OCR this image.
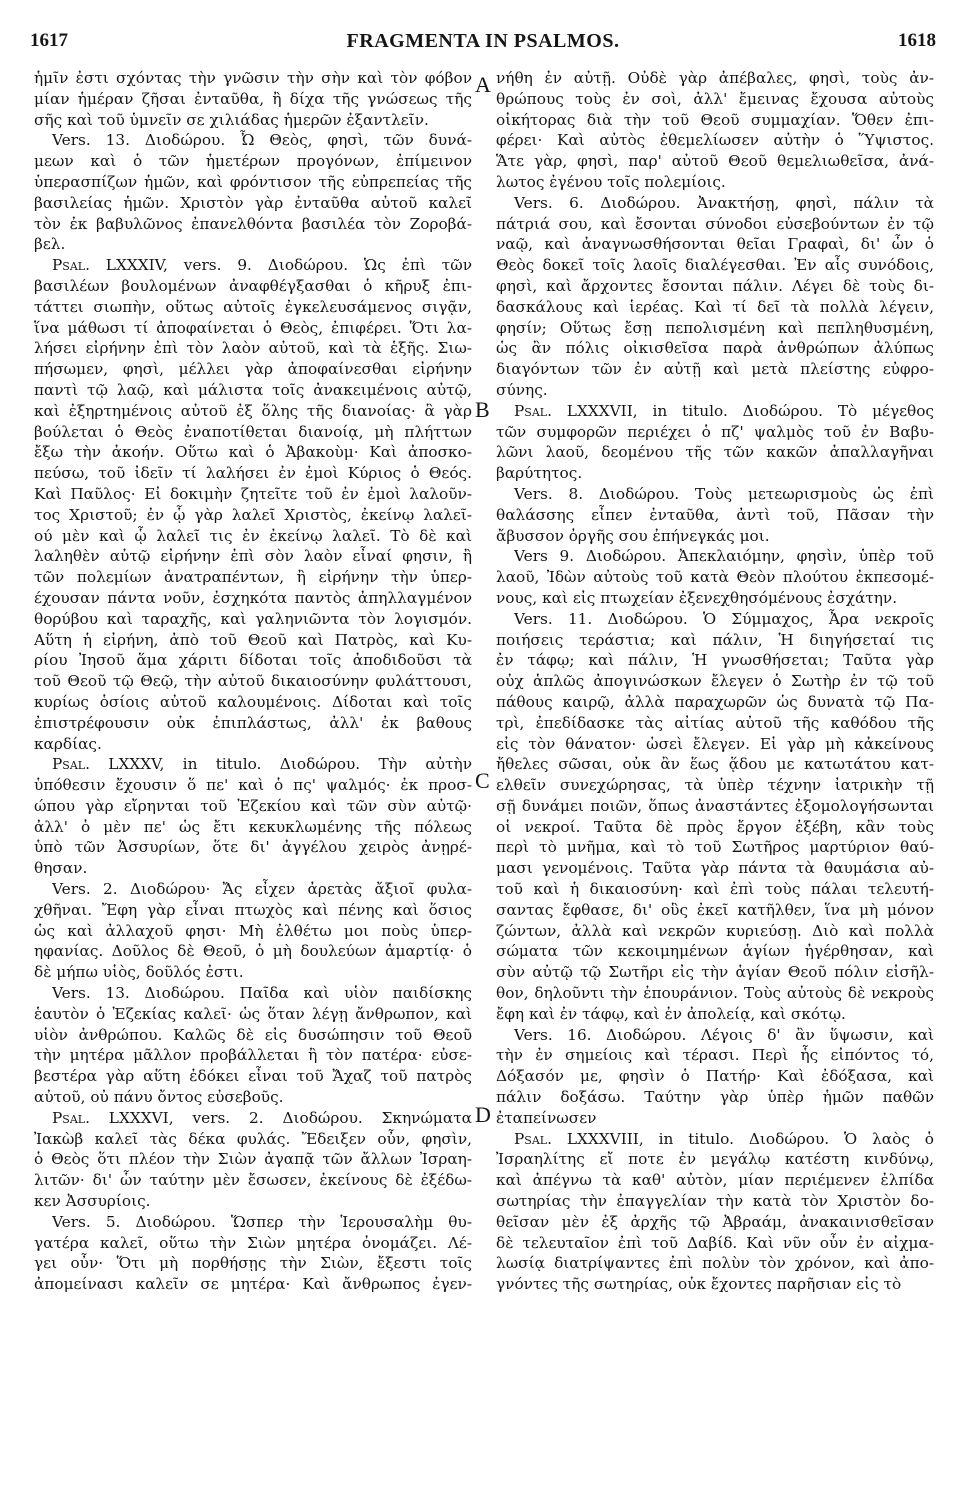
1617	FRAGMENTA IN PSALMOS.	1618
ἡμῖν ἐστι σχόντας τὴν γνῶσιν τὴν σὴν καὶ τὸν φόβον
μίαν ἡμέραν ζῆσαι ἐνταῦθα, ἢ δίχα τῆς γνώσεως τῆς
σῆς καὶ τοῦ ὑμνεῖν σε χιλιάδας ἡμερῶν ἐξαντλεῖν.
Vers. 13. Διοδώρου. Ὦ Θεὸς, φησὶ, τῶν δυνά-
μεων καὶ ὁ τῶν ἡμετέρων προγόνων, ἐπίμεινον
ὑπερασπίζων ἡμῶν, καὶ φρόντισον τῆς εὐπρεπείας τῆς
βασιλείας ἡμῶν. Χριστὸν γὰρ ἐνταῦθα αὐτοῦ καλεῖ
τὸν ἐκ βαβυλῶνος ἐπανελθόντα βασιλέα τὸν Ζοροβά-
βελ.
Psal. LXXXIV, vers. 9. Διοδώρου. Ὡς ἐπὶ τῶν
βασιλέων βουλομένων ἀναφθέγξασθαι ὁ κῆρυξ ἐπι-
τάττει σιωπὴν, οὕτως αὐτοῖς ἐγκελευσάμενος σιγᾷν,
ἵνα μάθωσι τί ἀποφαίνεται ὁ Θεὸς, ἐπιφέρει. Ὅτι λα-
λήσει εἰρήνην ἐπὶ τὸν λαὸν αὐτοῦ, καὶ τὰ ἑξῆς. Σιω-
πήσωμεν, φησὶ, μέλλει γὰρ ἀποφαίνεσθαι εἰρήνην
παντὶ τῷ λαῷ, καὶ μάλιστα τοῖς ἀνακειμένοις αὐτῷ,
καὶ ἐξηρτημένοις αὐτοῦ ἐξ ὅλης τῆς διανοίας· ἃ γὰρ
βούλεται ὁ Θεὸς ἐναποτίθεται διανοίᾳ, μὴ πλήττων
ἔξω τὴν ἀκοήν. Οὕτω καὶ ὁ Ἀβακοὺμ· Καὶ ἀποσκο-
πεύσω, τοῦ ἰδεῖν τί λαλήσει ἐν ἐμοὶ Κύριος ὁ Θεός.
Καὶ Παῦλος· Εἰ δοκιμὴν ζητεῖτε τοῦ ἐν ἐμοὶ λαλοῦν-
τος Χριστοῦ; ἐν ᾧ γὰρ λαλεῖ Χριστὸς, ἐκείνῳ λαλεῖ-
ού μὲν καὶ ᾧ λαλεῖ τις ἐν ἐκείνῳ λαλεῖ. Τὸ δὲ καὶ
λαληθὲν αὐτῷ εἰρήνην ἐπὶ σὸν λαὸν εἶναί φησιν, ἢ
τῶν πολεμίων ἀνατραπέντων, ἢ εἰρήνην τὴν ὑπερ-
έχουσαν πάντα νοῦν, ἐσχηκότα παντὸς ἀπηλλαγμένον
θορύβου καὶ ταραχῆς, καὶ γαληνιῶντα τὸν λογισμόν.
Αὕτη ἡ εἰρήνη, ἀπὸ τοῦ Θεοῦ καὶ Πατρὸς, καὶ Κυ-
ρίου Ἰησοῦ ἅμα χάριτι δίδοται τοῖς ἀποδιδοῦσι τὰ
τοῦ Θεοῦ τῷ Θεῷ, τὴν αὐτοῦ δικαιοσύνην φυλάττουσι,
κυρίως ὁσίοις αὐτοῦ καλουμένοις. Δίδοται καὶ τοῖς
ἐπιστρέφουσιν οὐκ ἐπιπλάστως, ἀλλ' ἐκ βαθους
καρδίας.
Psal. LXXXV, in titulo. Διοδώρου. Τὴν αὐτὴν
ὑπόθεσιν ἔχουσιν ὅ πε' καὶ ὁ πς' ψαλμός· ἐκ προσ-
ώπου γὰρ εἴρηνται τοῦ Ἐζεκίου καὶ τῶν σὺν αὐτῷ·
ἀλλ' ὁ μὲν πε' ὡς ἔτι κεκυκλωμένης τῆς πόλεως
ὑπὸ τῶν Ἀσσυρίων, ὅτε δι' ἀγγέλου χειρὸς ἀνῃρέ-
θησαν.
Vers. 2. Διοδώρου· Ἄς εἶχεν ἀρετὰς ἄξιοῖ φυλα-
χθῆναι. Ἔφη γὰρ εἶναι πτωχὸς καὶ πένης καὶ ὅσιος
ὡς καὶ ἀλλαχοῦ φησι· Μὴ ἐλθέτω μοι ποὺς ὑπερ-
ηφανίας. Δοῦλος δὲ Θεοῦ, ὁ μὴ δουλεύων ἁμαρτίᾳ· ὁ
δὲ μήπω υἱὸς, δοῦλός ἐστι.
Vers. 13. Διοδώρου. Παῖδα καὶ υἱὸν παιδίσκης
ἑαυτὸν ὁ Ἐζεκίας καλεῖ· ὡς ὅταν λέγῃ ἄνθρωπον, καὶ
υἱὸν ἀνθρώπου. Καλῶς δὲ εἰς δυσώπησιν τοῦ Θεοῦ
τὴν μητέρα μᾶλλον προβάλλεται ἢ τὸν πατέρα· εὐσε-
βεστέρα γὰρ αὕτη ἐδόκει εἶναι τοῦ Ἄχαζ τοῦ πατρὸς
αὐτοῦ, οὐ πάνυ ὄντος εὐσεβοῦς.
Psal. LXXXVI, vers. 2. Διοδώρου. Σκηνώματα
Ἰακὼβ καλεῖ τὰς δέκα φυλάς. Ἔδειξεν οὖν, φησὶν,
ὁ Θεὸς ὅτι πλέον τὴν Σιὼν ἀγαπᾷ τῶν ἄλλων Ἰσραη-
λιτῶν· δι' ὧν ταύτην μὲν ἔσωσεν, ἐκείνους δὲ ἐξέδω-
κεν Ἀσσυρίοις.
Vers. 5. Διοδώρου. Ὥσπερ τὴν Ἱερουσαλὴμ θυ-
γατέρα καλεῖ, οὕτω τὴν Σιὼν μητέρα ὀνομάζει. Λέ-
γει οὖν· Ὅτι μὴ πορθήσῃς τὴν Σιὼν, ἔξεστι τοῖς
ἀπομείνασι καλεῖν σε μητέρα· Καὶ ἄνθρωπος ἐγεν-
νήθη ἐν αὐτῇ. Οὐδὲ γὰρ ἀπέβαλες, φησὶ, τοὺς ἀν-
θρώπους τοὺς ἐν σοὶ, ἀλλ' ἔμεινας ἔχουσα αὐτοὺς
οἰκήτορας διὰ τὴν τοῦ Θεοῦ συμμαχίαν. Ὅθεν ἐπι-
φέρει· Καὶ αὐτὸς ἐθεμελίωσεν αὐτὴν ὁ Ὕψιστος.
Ἅτε γὰρ, φησὶ, παρ' αὐτοῦ Θεοῦ θεμελιωθεῖσα, ἀνά-
λωτος ἐγένου τοῖς πολεμίοις.
Vers. 6. Διοδώρου. Ἀνακτήσῃ, φησὶ, πάλιν τὰ
πάτριά σου, καὶ ἔσονται σύνοδοι εὐσεβούντων ἐν τῷ
ναῷ, καὶ ἀναγνωσθήσονται θεῖαι Γραφαὶ, δι' ὧν ὁ
Θεὸς δοκεῖ τοῖς λαοῖς διαλέγεσθαι. Ἐν αἷς συνόδοις,
φησὶ, καὶ ἄρχοντες ἔσονται πάλιν. Λέγει δὲ τοὺς δι-
δασκάλους καὶ ἱερέας. Καὶ τί δεῖ τὰ πολλὰ λέγειν,
φησίν; Οὕτως ἔσῃ πεπολισμένη καὶ πεπληθυσμένη,
ὡς ἂν πόλις οἰκισθεῖσα παρὰ ἀνθρώπων ἀλύπως
διαγόντων τῶν ἐν αὐτῇ καὶ μετὰ πλείστης εὐφρο-
σύνης.
Psal. LXXXVII, in titulo. Διοδώρου. Τὸ μέγεθος
τῶν συμφορῶν περιέχει ὁ πζ' ψαλμὸς τοῦ ἐν Βαβυ-
λῶνι λαοῦ, δεομένου τῆς τῶν κακῶν ἀπαλλαγῆναι
βαρύτητος.
Vers. 8. Διοδώρου. Τοὺς μετεωρισμοὺς ὡς ἐπὶ
θαλάσσης εἶπεν ἐνταῦθα, ἀντὶ τοῦ, Πᾶσαν τὴν
ἄβυσσον ὀργῆς σου ἐπήνεγκάς μοι.
Vers 9. Διοδώρου. Ἀπεκλαιόμην, φησὶν, ὑπὲρ τοῦ
λαοῦ, Ἰδὼν αὐτοὺς τοῦ κατὰ Θεὸν πλούτου ἐκπεσομέ-
νους, καὶ εἰς πτωχείαν ἐξενεχθησόμένους ἐσχάτην.
Vers. 11. Διοδώρου. Ὁ Σύμμαχος, Ἆρα νεκροῖς
ποιήσεις τεράστια; καὶ πάλιν, Ἡ διηγήσεταί τις
ἐν τάφῳ; καὶ πάλιν, Ἡ γνωσθήσεται; Ταῦτα γὰρ
οὐχ ἁπλῶς ἀπογινώσκων ἔλεγεν ὁ Σωτὴρ ἐν τῷ τοῦ
πάθους καιρῷ, ἀλλὰ παραχωρῶν ὡς δυνατὰ τῷ Πα-
τρὶ, ἐπεδίδασκε τὰς αἰτίας αὐτοῦ τῆς καθόδου τῆς
εἰς τὸν θάνατον· ὡσεὶ ἔλεγεν. Εἰ γὰρ μὴ κἀκείνους
ἤθελες σῶσαι, οὐκ ἂν ἕως ᾅδου με κατωτάτου κατ-
ελθεῖν συνεχώρησας, τὰ ὑπὲρ τέχνην ἰατρικὴν τῇ
σῇ δυνάμει ποιῶν, ὅπως ἀναστάντες ἐξομολογήσωνται
οἱ νεκροί. Ταῦτα δὲ πρὸς ἔργον ἐξέβη, κἂν τοὺς
περὶ τὸ μνῆμα, καὶ τὸ τοῦ Σωτῆρος μαρτύριον θαύ-
μασι γενομένοις. Ταῦτα γὰρ πάντα τὰ θαυμάσια αὐ-
τοῦ καὶ ἡ δικαιοσύνη· καὶ ἐπὶ τοὺς πάλαι τελευτή-
σαντας ἔφθασε, δι' οὓς ἐκεῖ κατῆλθεν, ἵνα μὴ μόνον
ζώντων, ἀλλὰ καὶ νεκρῶν κυριεύσῃ. Διὸ καὶ πολλὰ
σώματα τῶν κεκοιμημένων ἁγίων ἠγέρθησαν, καὶ
σὺν αὐτῷ τῷ Σωτῆρι εἰς τὴν ἁγίαν Θεοῦ πόλιν εἰσῆλ-
θον, δηλοῦντι τὴν ἐπουράνιον. Τοὺς αὐτοὺς δὲ νεκροὺς
ἔφη καὶ ἐν τάφῳ, καὶ ἐν ἀπολείᾳ, καὶ σκότῳ.
Vers. 16. Διοδώρου. Λέγοις δ' ἂν ὕψωσιν, καὶ
τὴν ἐν σημείοις καὶ τέρασι. Περὶ ἧς εἰπόντος τό,
Δόξασόν με, φησὶν ὁ Πατήρ· Καὶ ἐδόξασα, καὶ
πάλιν δοξάσω. Ταύτην γὰρ ὑπὲρ ἡμῶν παθῶν
ἐταπείνωσεν
Psal. LXXXVIII, in titulo. Διοδώρου. Ὁ λαὸς ὁ
Ἰσραηλίτης εἴ ποτε ἐν μεγάλῳ κατέστη κινδύνῳ,
καὶ ἀπέγνω τὰ καθ' αὐτὸν, μίαν περιέμενεν ἐλπίδα
σωτηρίας τὴν ἐπαγγελίαν τὴν κατὰ τὸν Χριστὸν δο-
θεῖσαν μὲν ἐξ ἀρχῆς τῷ Ἀβραάμ, ἀνακαινισθεῖσαν
δὲ τελευταῖον ἐπὶ τοῦ Δαβίδ. Καὶ νῦν οὖν ἐν αἰχμα-
λωσίᾳ διατρίψαντες ἐπὶ πολὺν τὸν χρόνον, καὶ ἀπο-
γνόντες τῆς σωτηρίας, οὐκ ἔχοντες παρῆσιαν εἰς τὸ
A
B
C
D
